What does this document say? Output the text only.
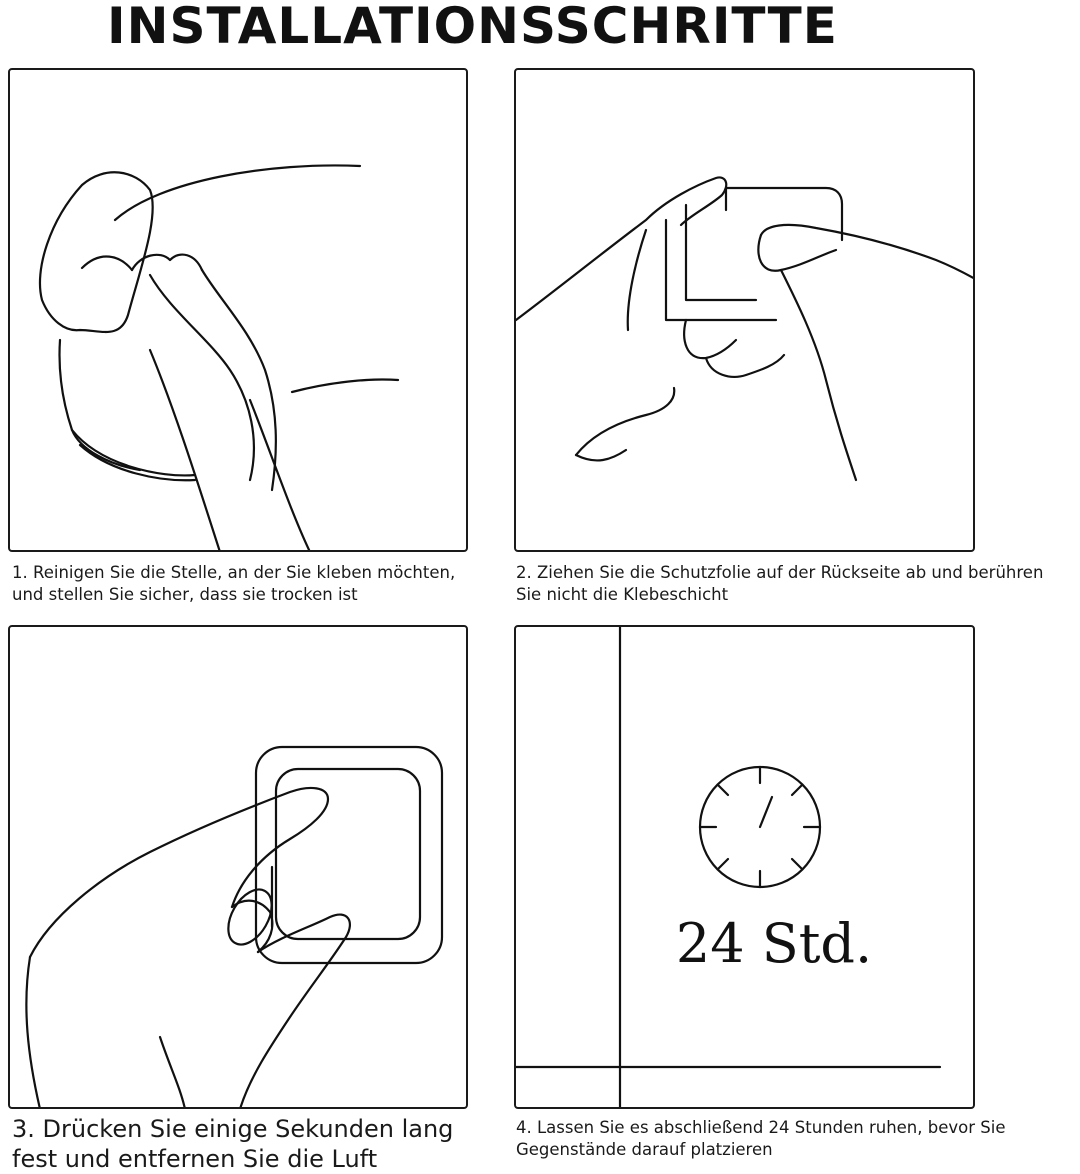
INSTALLATIONSSCHRITTE
1. Reinigen Sie die Stelle, an der Sie kleben möchten,
und stellen Sie sicher, dass sie trocken ist
2. Ziehen Sie die Schutzfolie auf der Rückseite ab und berühren
Sie nicht die Klebeschicht
3. Drücken Sie einige Sekunden lang
fest und entfernen Sie die Luft
24 Std.
4. Lassen Sie es abschließend 24 Stunden ruhen, bevor Sie
Gegenstände darauf platzieren
